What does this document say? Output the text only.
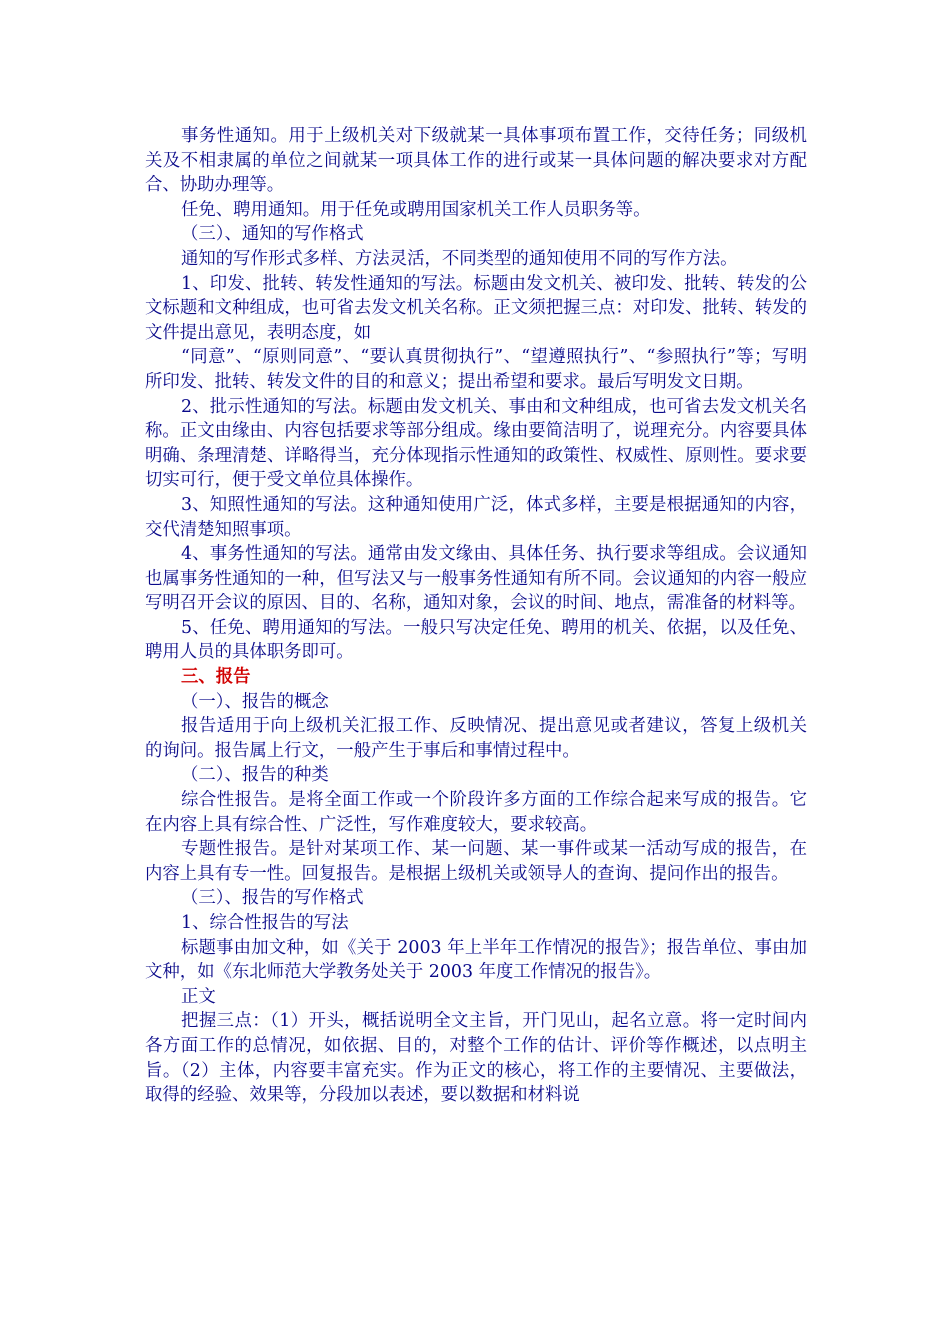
事务性通知。用于上级机关对下级就某一具体事项布置工作，交待任务；同级机关及不相隶属的单位之间就某一项具体工作的进行或某一具体问题的解决要求对方配合、协助办理等。

任免、聘用通知。用于任免或聘用国家机关工作人员职务等。

（三）、通知的写作格式

通知的写作形式多样、方法灵活，不同类型的通知使用不同的写作方法。

1、印发、批转、转发性通知的写法。标题由发文机关、被印发、批转、转发的公文标题和文种组成，也可省去发文机关名称。正文须把握三点：对印发、批转、转发的文件提出意见，表明态度，如

“同意”、“原则同意”、“要认真贯彻执行”、“望遵照执行”、“参照执行”等；写明所印发、批转、转发文件的目的和意义；提出希望和要求。最后写明发文日期。

2、批示性通知的写法。标题由发文机关、事由和文种组成，也可省去发文机关名称。正文由缘由、内容包括要求等部分组成。缘由要简洁明了，说理充分。内容要具体明确、条理清楚、详略得当，充分体现指示性通知的政策性、权威性、原则性。要求要切实可行，便于受文单位具体操作。

3、知照性通知的写法。这种通知使用广泛，体式多样，主要是根据通知的内容，交代清楚知照事项。

4、事务性通知的写法。通常由发文缘由、具体任务、执行要求等组成。会议通知也属事务性通知的一种，但写法又与一般事务性通知有所不同。会议通知的内容一般应写明召开会议的原因、目的、名称，通知对象，会议的时间、地点，需准备的材料等。

5、任免、聘用通知的写法。一般只写决定任免、聘用的机关、依据，以及任免、聘用人员的具体职务即可。

三、报告

（一）、报告的概念

报告适用于向上级机关汇报工作、反映情况、提出意见或者建议，答复上级机关的询问。报告属上行文，一般产生于事后和事情过程中。

（二）、报告的种类

综合性报告。是将全面工作或一个阶段许多方面的工作综合起来写成的报告。它在内容上具有综合性、广泛性，写作难度较大，要求较高。

专题性报告。是针对某项工作、某一问题、某一事件或某一活动写成的报告，在内容上具有专一性。回复报告。是根据上级机关或领导人的查询、提问作出的报告。

（三）、报告的写作格式

1、综合性报告的写法

标题事由加文种，如《关于 2003 年上半年工作情况的报告》；报告单位、事由加文种，如《东北师范大学教务处关于 2003 年度工作情况的报告》。

正文

把握三点：（1）开头，概括说明全文主旨，开门见山，起名立意。将一定时间内各方面工作的总情况，如依据、目的，对整个工作的估计、评价等作概述，以点明主旨。（2）主体，内容要丰富充实。作为正文的核心，将工作的主要情况、主要做法，取得的经验、效果等，分段加以表述，要以数据和材料说
